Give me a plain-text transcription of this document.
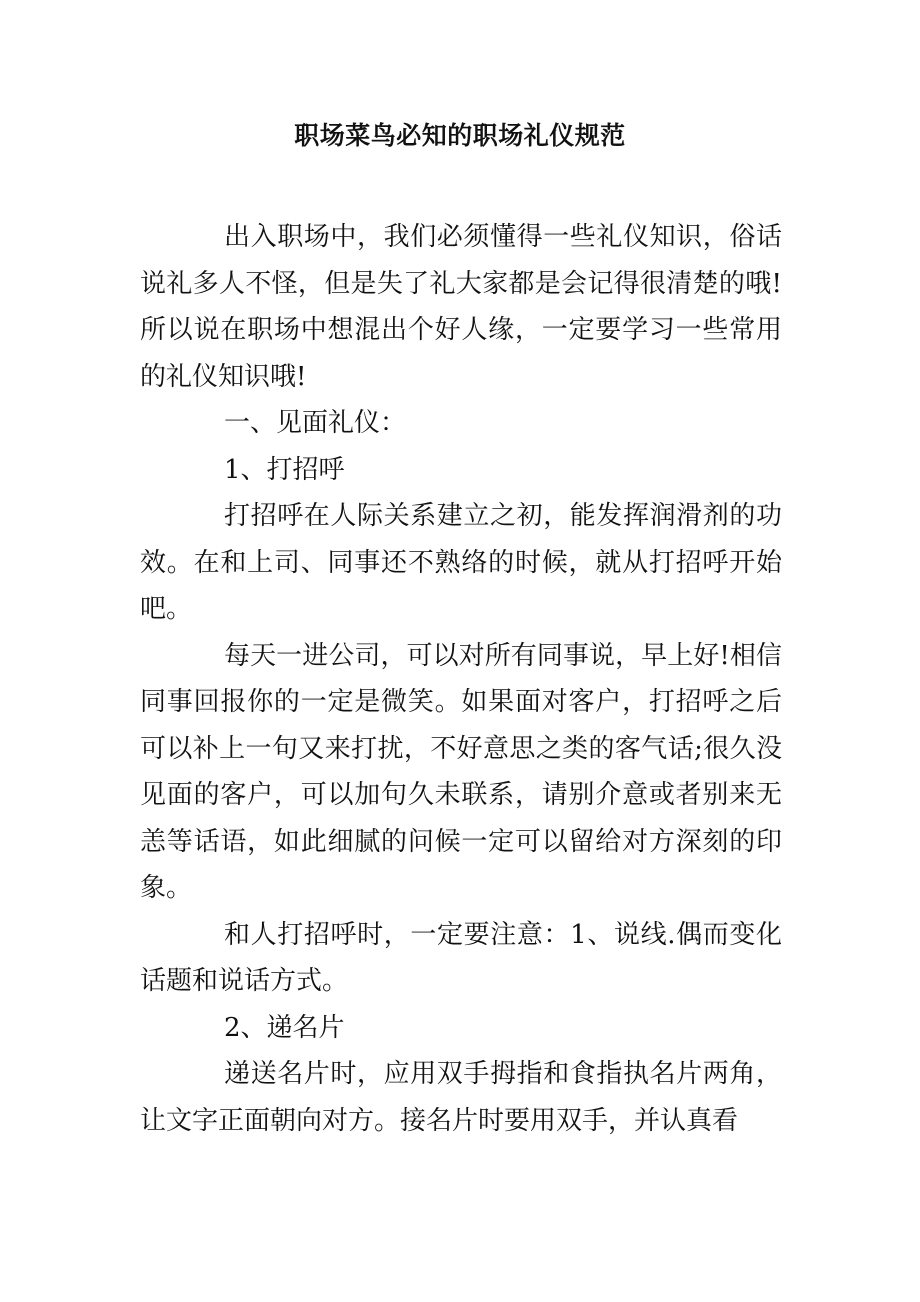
职场菜鸟必知的职场礼仪规范

出入职场中，我们必须懂得一些礼仪知识，俗话说礼多人不怪，但是失了礼大家都是会记得很清楚的哦!所以说在职场中想混出个好人缘，一定要学习一些常用的礼仪知识哦!

一、见面礼仪：

1、打招呼

打招呼在人际关系建立之初，能发挥润滑剂的功效。在和上司、同事还不熟络的时候，就从打招呼开始吧。

每天一进公司，可以对所有同事说，早上好!相信同事回报你的一定是微笑。如果面对客户，打招呼之后可以补上一句又来打扰，不好意思之类的客气话;很久没见面的客户，可以加句久未联系，请别介意或者别来无恙等话语，如此细腻的问候一定可以留给对方深刻的印象。

和人打招呼时，一定要注意：1、说线.偶而变化话题和说话方式。

2、递名片

递送名片时，应用双手拇指和食指执名片两角，让文字正面朝向对方。接名片时要用双手，并认真看
